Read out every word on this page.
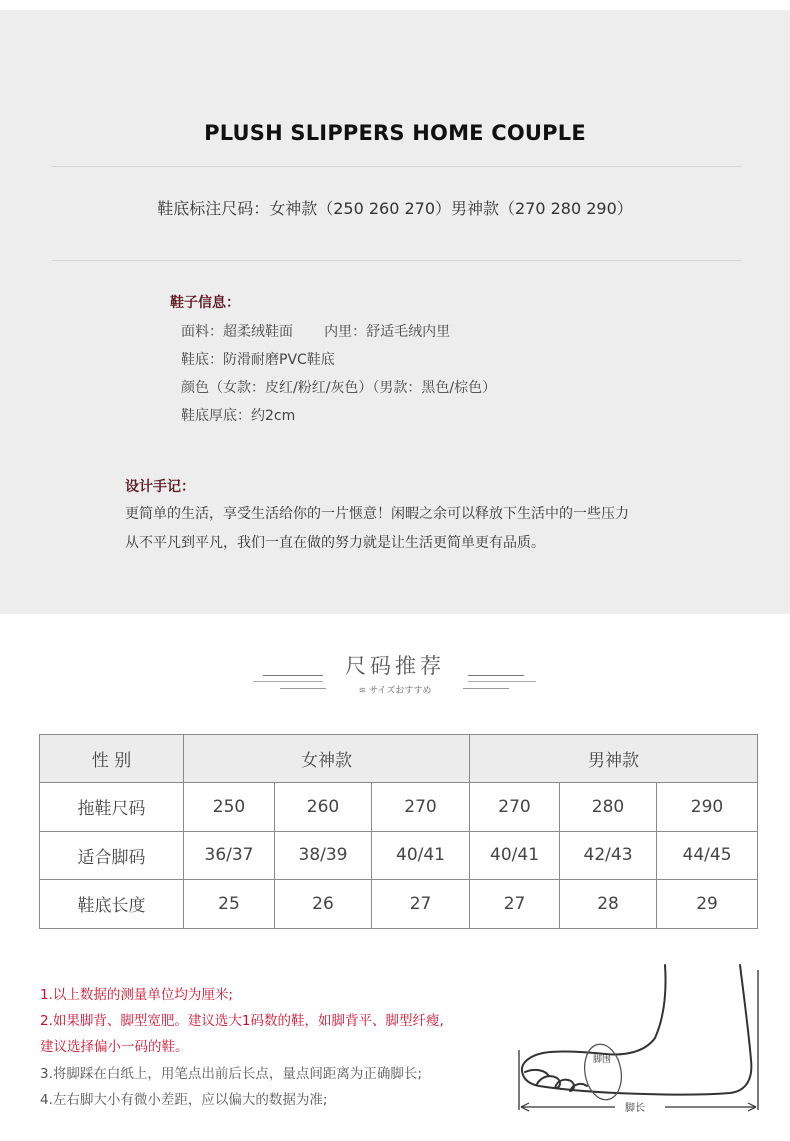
PLUSH SLIPPERS HOME COUPLE
鞋底标注尺码：女神款（250 260 270）男神款（270 280 290）
鞋子信息：
面料：超柔绒鞋面       内里：舒适毛绒内里
鞋底：防滑耐磨PVC鞋底
颜色（女款：皮红/粉红/灰色）（男款：黑色/棕色）
鞋底厚底：约2cm
设计手记：
更简单的生活，享受生活给你的一片惬意！闲暇之余可以释放下生活中的一些压力
从不平凡到平凡，我们一直在做的努力就是让生活更简单更有品质。
尺码推荐
≋ サイズおすすめ
性 别	女神款			男神款		
拖鞋尺码	250	260	270	270	280	290
适合脚码	36/37	38/39	40/41	40/41	42/43	44/45
鞋底长度	25	26	27	27	28	29
1.以上数据的测量单位均为厘米;
2.如果脚背、脚型宽肥。建议选大1码数的鞋，如脚背平、脚型纤瘦,
建议选择偏小一码的鞋。
3.将脚踩在白纸上，用笔点出前后长点，量点间距离为正确脚长;
4.左右脚大小有微小差距，应以偏大的数据为准;
脚围
脚长
